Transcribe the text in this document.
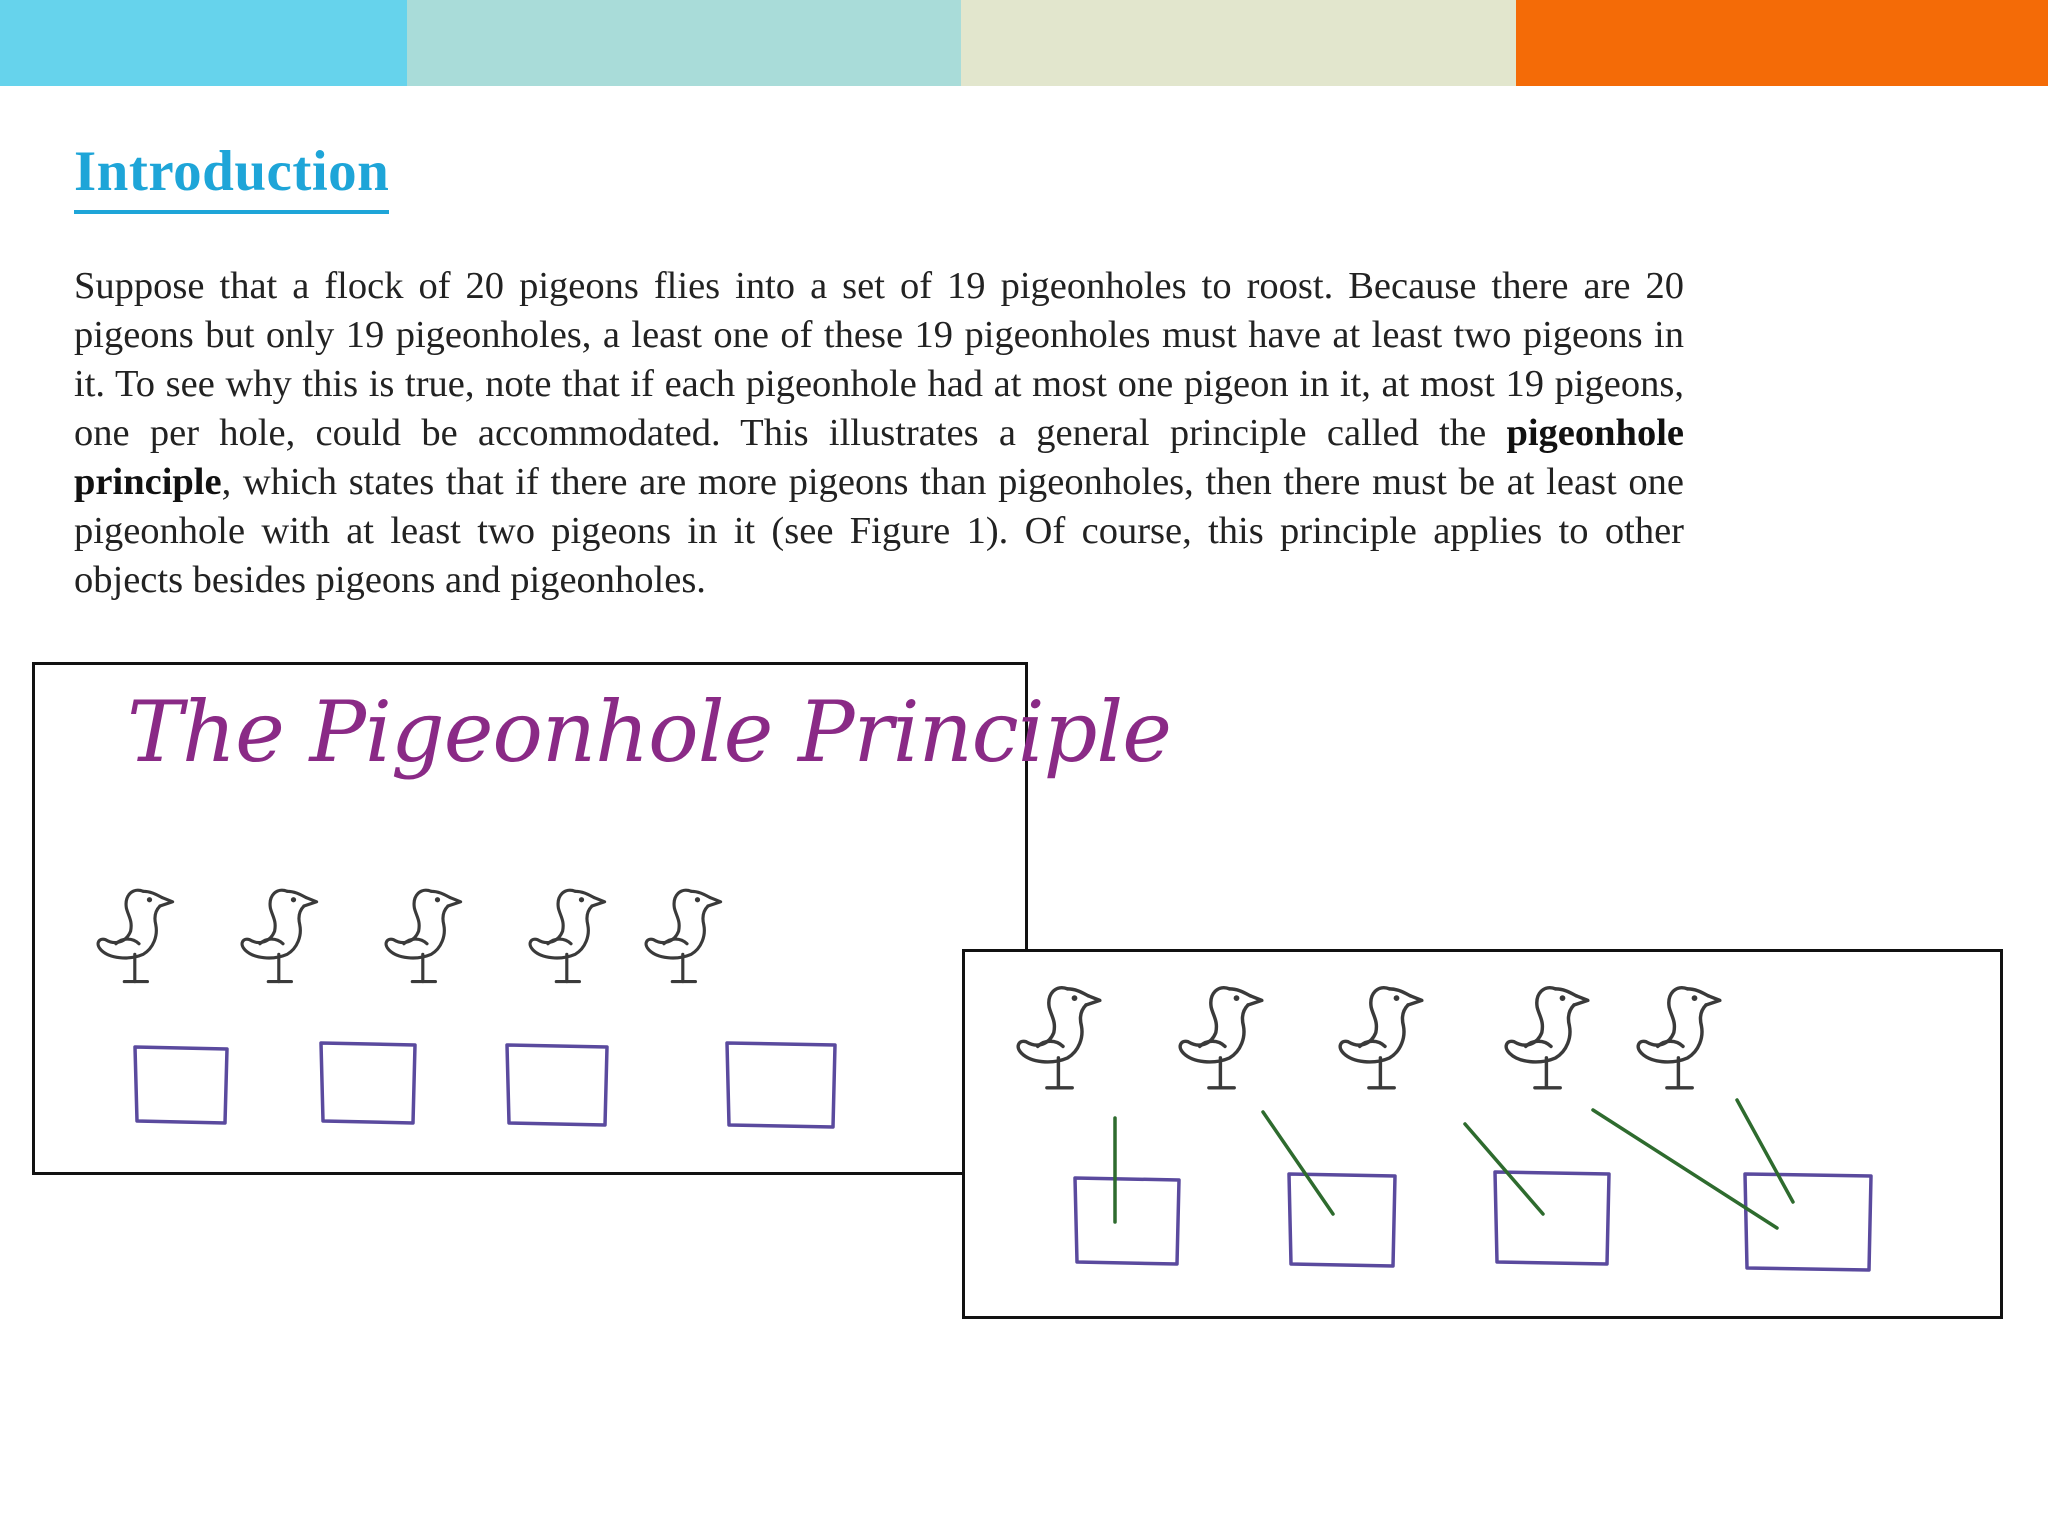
Introduction

Suppose that a flock of 20 pigeons flies into a set of 19 pigeonholes to roost. Because there are 20 pigeons but only 19 pigeonholes, a least one of these 19 pigeonholes must have at least two pigeons in it. To see why this is true, note that if each pigeonhole had at most one pigeon in it, at most 19 pigeons, one per hole, could be accommodated. This illustrates a general principle called the pigeonhole principle, which states that if there are more pigeons than pigeonholes, then there must be at least one pigeonhole with at least two pigeons in it (see Figure 1). Of course, this principle applies to other objects besides pigeons and pigeonholes.

The Pigeonhole Principle
